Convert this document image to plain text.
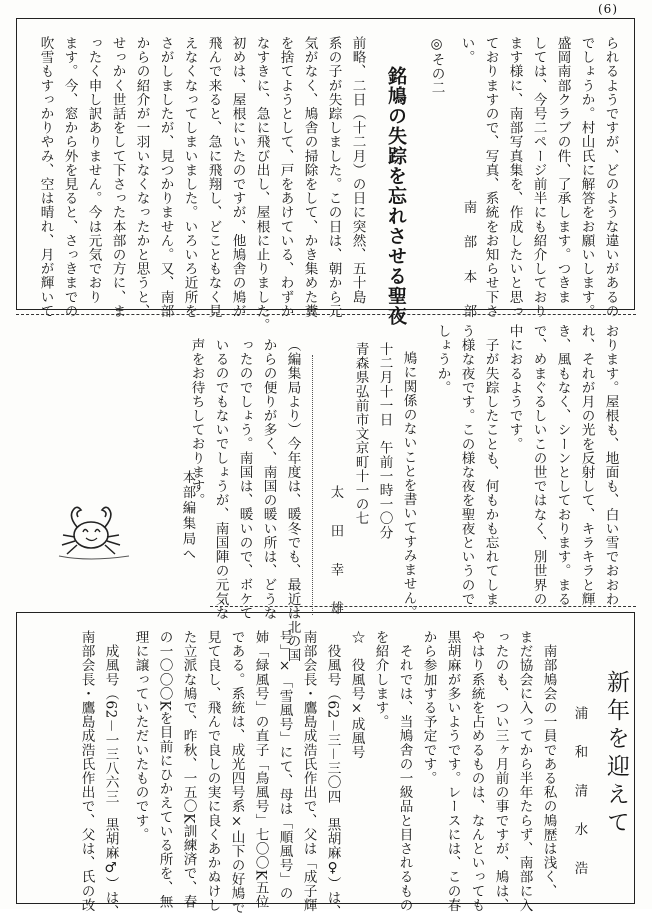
(6)
られるようですが、どのような違いがあるの
でしょうか。村山氏に解答をお願いします。
盛岡南部クラブの件、了承します。つきま
しては、今号二ページ前半にも紹介しており
ます様に、南部写真集を、作成したいと思っ
ておりますので、写真、系統をお知らせ下さ
い。
南　部　本　部
◎その二
銘鳩の失踪を忘れさせる聖夜
前略、二日（十二月）の日に突然、五十島
系の子が失踪しました。この日は、朝から元
気がなく、鳩舎の掃除をして、かき集めた糞
を捨てようとして、戸をあけている、わずか
なすきに、急に飛び出し、屋根に止りました。
初めは、屋根にいたのですが、他鳩舎の鳩が
飛んで来ると、急に飛翔し、どこともなく見
えなくなってしまいました。いろいろ近所を
さがしましたが、見つかりません。又、南部
からの紹介が一羽いなくなったかと思うと、
せっかく世話をして下さった本部の方に、ま
ったく申し訳ありません。今は元気でおり
ます。今、窓から外を見ると、さっきまでの
吹雪もすっかりやみ、空は晴れ、月が輝いて
おります。屋根も、地面も、白い雪でおおわ
れ、それが月の光を反射して、キラキラと輝
き、風もなく、シーンとしております。まる
で、めまぐるしいこの世ではなく、別世界の
中におるようです。
　子が失踪したことも、何もかも忘れてしま
う様な夜です。この様な夜を聖夜というので
しょうか。
　鳩に関係のないことを書いてすみません。
十二月十一日　午前一時一〇分
青森県弘前市文京町十一の七
太　田　幸　雄
（編集局より）今年度は、暖冬でも、最近は北の国
からの便りが多く、南国の暖い所は、どうな
ったのでしょう。南国は、暖いので、ボケて
いるのでもないでしょうが、南国陣の元気な
声をお待ちしております。
本部編集局へ
新年を迎えて
浦　和　清　水　浩
　南部鳩会の一員である私の鳩歴は浅く、
まだ協会に入ってから半年たらず、南部に入
ったのも、つい三ヶ月前の事ですが、鳩は、
やはり系統を占めるものは、なんといっても
黒胡麻が多いようです。レースには、この春
から参加する予定です。
　それでは、当鳩舎の一級品と目されるもの
を紹介します。
☆　役風号×成風号
　役風号（62－三－三〇四　黒胡麻♀）は、
南部会長・鷹島成浩氏作出で、父は「成子輝
号」×「雪風号」にて、母は「順風号」の
姉「緑風号」の直子「鳥風号」七〇〇K五位
である。系統は、成光四号系×山下の好鳩で
見て良し、飛んで良しの実に良くあかぬけし
た立派な鳩で、昨秋、一五〇K訓練済で、春
の一〇〇〇Kを目前にひかえている所を、無
理に譲っていただいたものです。
　成風号（62－一三八六三　黒胡麻♂）は、
南部会長・鷹島成浩氏作出で、父は、氏の改
